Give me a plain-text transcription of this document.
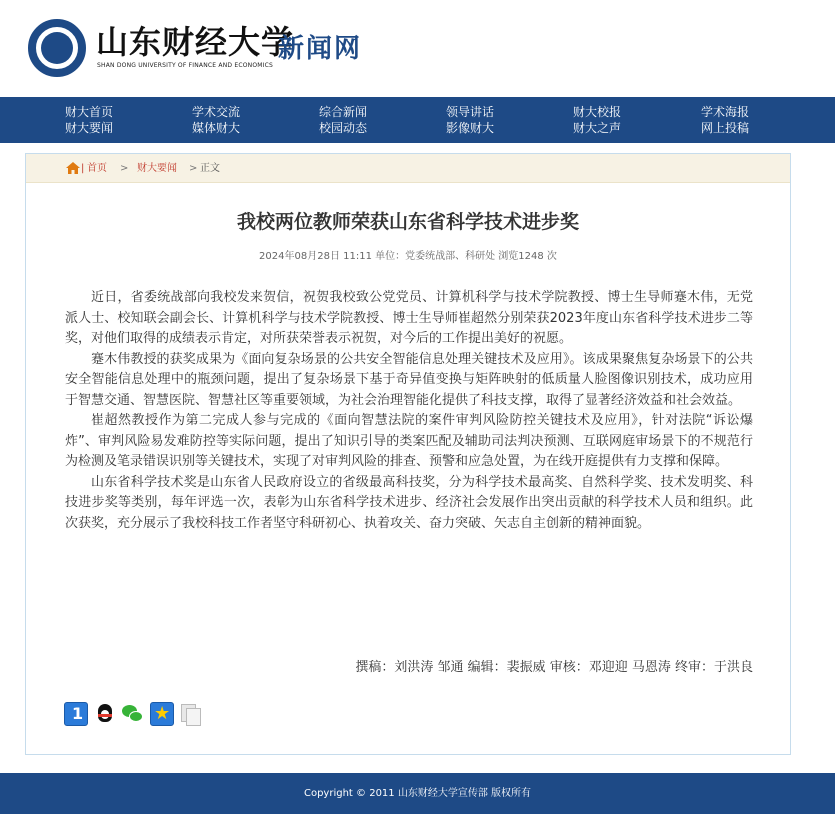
山东财经大学
SHAN DONG UNIVERSITY OF FINANCE AND ECONOMICS
新闻网
财大首页
财大要闻
学术交流
媒体财大
综合新闻
校园动态
领导讲话
影像财大
财大校报
财大之声
学术海报
网上投稿
| 首页 > 财大要闻 > 正文
我校两位教师荣获山东省科学技术进步奖
2024年08月28日 11:11 单位：党委统战部、科研处 浏览1248 次

近日，省委统战部向我校发来贺信，祝贺我校致公党党员、计算机科学与技术学院教授、博士生导师蹇木伟，无党派人士、校知联会副会长、计算机科学与技术学院教授、博士生导师崔超然分别荣获2023年度山东省科学技术进步二等奖，对他们取得的成绩表示肯定，对所获荣誉表示祝贺，对今后的工作提出美好的祝愿。

蹇木伟教授的获奖成果为《面向复杂场景的公共安全智能信息处理关键技术及应用》。该成果聚焦复杂场景下的公共安全智能信息处理中的瓶颈问题，提出了复杂场景下基于奇异值变换与矩阵映射的低质量人脸图像识别技术，成功应用于智慧交通、智慧医院、智慧社区等重要领域，为社会治理智能化提供了科技支撑，取得了显著经济效益和社会效益。

崔超然教授作为第二完成人参与完成的《面向智慧法院的案件审判风险防控关键技术及应用》，针对法院“诉讼爆炸”、审判风险易发难防控等实际问题，提出了知识引导的类案匹配及辅助司法判决预测、互联网庭审场景下的不规范行为检测及笔录错误识别等关键技术，实现了对审判风险的排查、预警和应急处置，为在线开庭提供有力支撑和保障。

山东省科学技术奖是山东省人民政府设立的省级最高科技奖，分为科学技术最高奖、自然科学奖、技术发明奖、科技进步奖等类别，每年评选一次，表彰为山东省科学技术进步、经济社会发展作出突出贡献的科学技术人员和组织。此次获奖，充分展示了我校科技工作者坚守科研初心、执着攻关、奋力突破、矢志自主创新的精神面貌。

撰稿：刘洪涛 邹通 编辑：裴振威 审核：邓迎迎 马恩涛 终审：于洪良
1
★
Copyright © 2011 山东财经大学宣传部 版权所有
